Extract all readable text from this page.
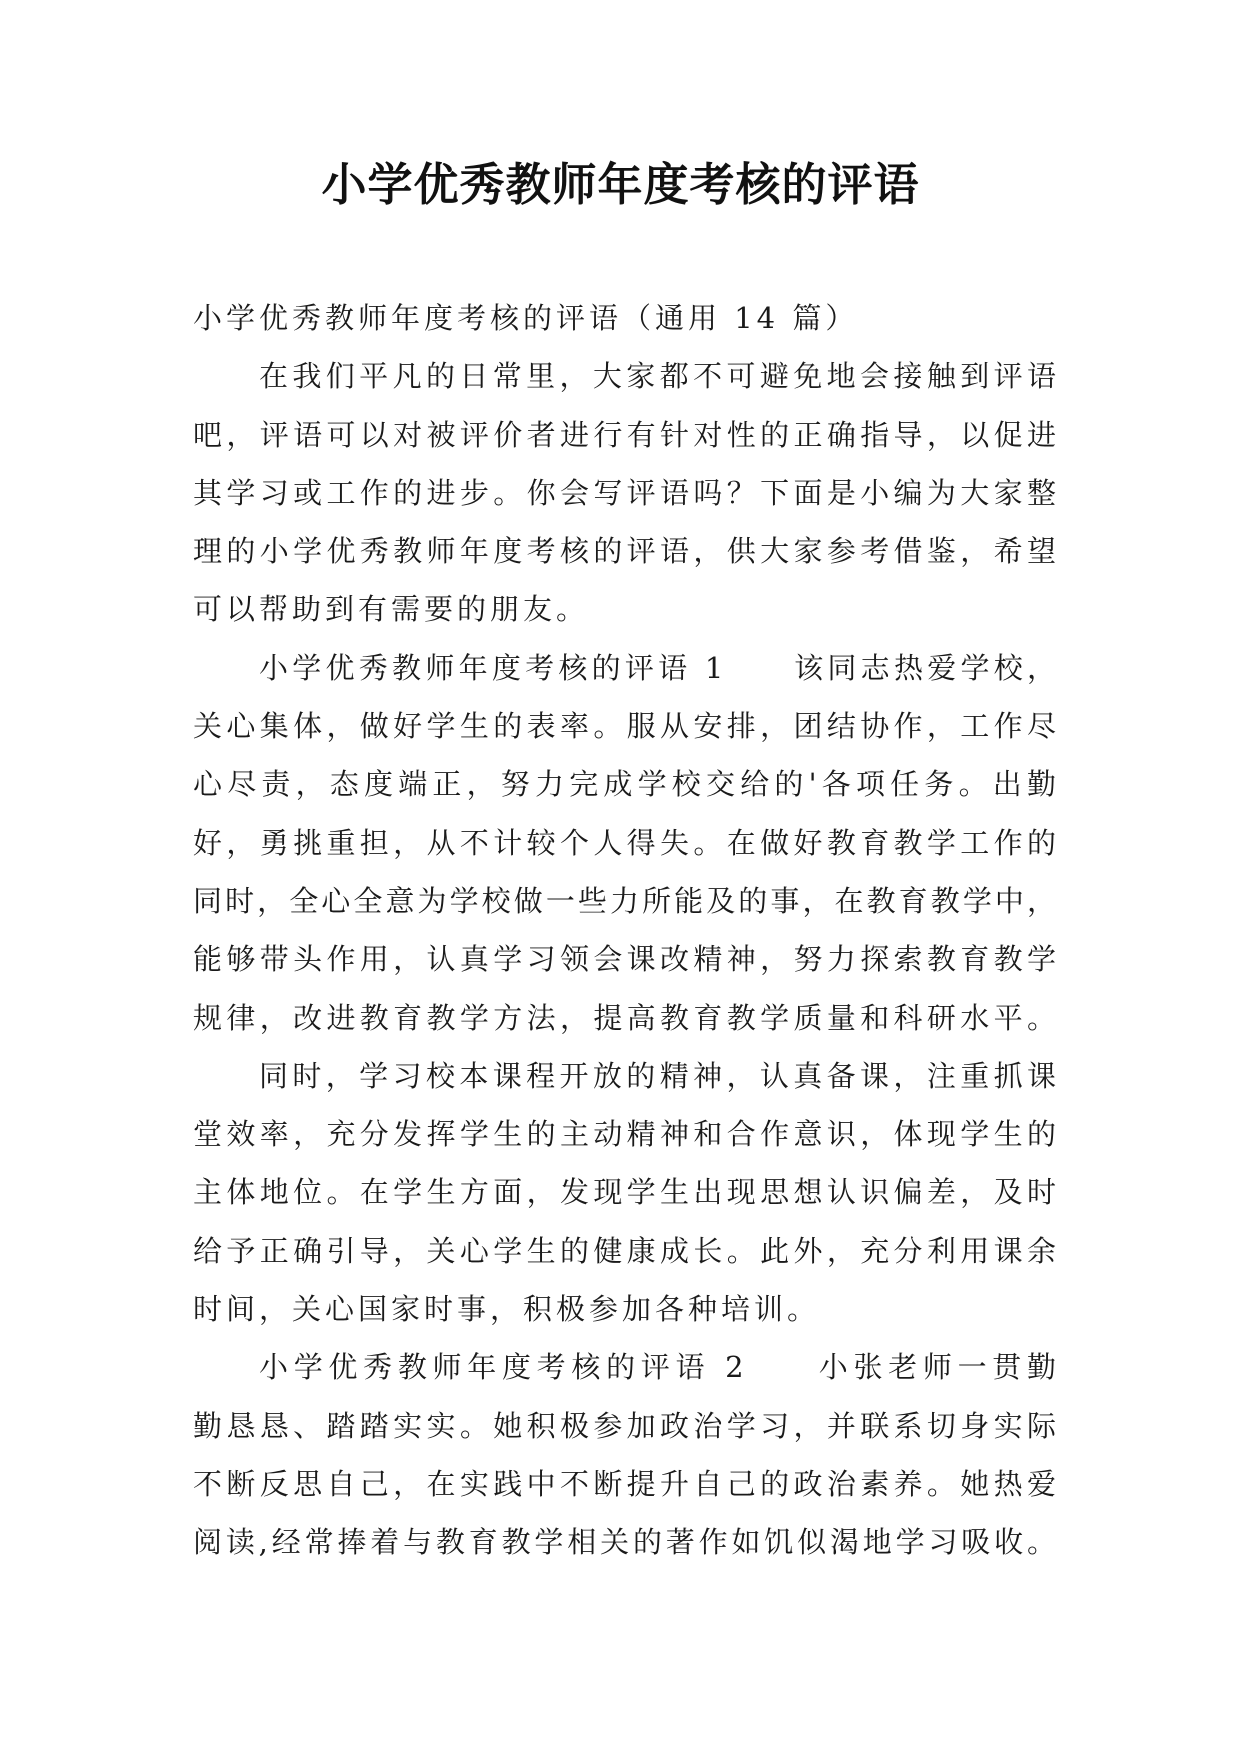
小学优秀教师年度考核的评语
小学优秀教师年度考核的评语（通用 14 篇）
在我们平凡的日常里，大家都不可避免地会接触到评语
吧，评语可以对被评价者进行有针对性的正确指导，以促进
其学习或工作的进步。你会写评语吗？下面是小编为大家整
理的小学优秀教师年度考核的评语，供大家参考借鉴，希望
可以帮助到有需要的朋友。
小学优秀教师年度考核的评语 1　　该同志热爱学校，
关心集体，做好学生的表率。服从安排，团结协作，工作尽
心尽责，态度端正，努力完成学校交给的'各项任务。出勤
好，勇挑重担，从不计较个人得失。在做好教育教学工作的
同时，全心全意为学校做一些力所能及的事，在教育教学中，
能够带头作用，认真学习领会课改精神，努力探索教育教学
规律，改进教育教学方法，提高教育教学质量和科研水平。
同时，学习校本课程开放的精神，认真备课，注重抓课
堂效率，充分发挥学生的主动精神和合作意识，体现学生的
主体地位。在学生方面，发现学生出现思想认识偏差，及时
给予正确引导，关心学生的健康成长。此外，充分利用课余
时间，关心国家时事，积极参加各种培训。
小学优秀教师年度考核的评语 2　　小张老师一贯勤
勤恳恳、踏踏实实。她积极参加政治学习，并联系切身实际
不断反思自己，在实践中不断提升自己的政治素养。她热爱
阅读,经常捧着与教育教学相关的著作如饥似渴地学习吸收。
